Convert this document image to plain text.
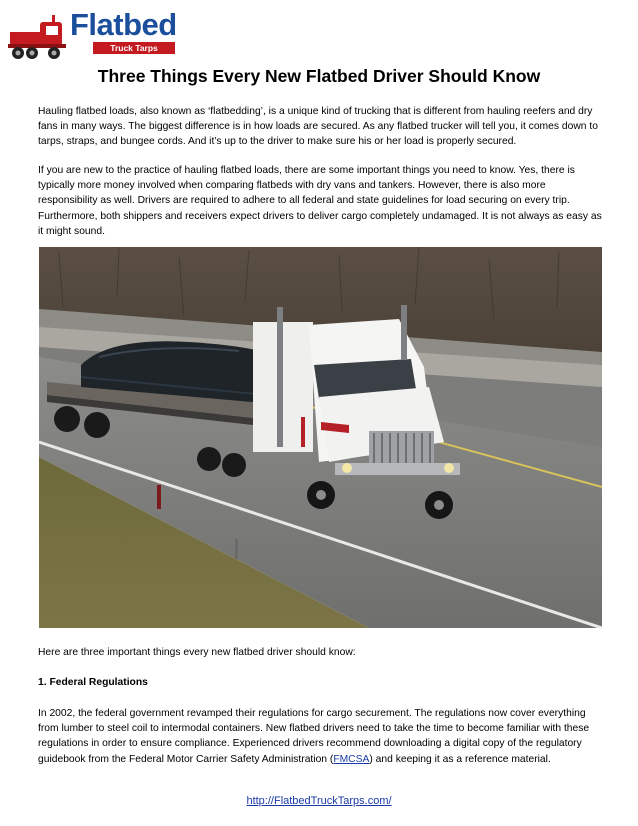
Flatbed
Truck Tarps
Three Things Every New Flatbed Driver Should Know

Hauling flatbed loads, also known as ‘flatbedding’, is a unique kind of trucking that is different from hauling reefers and dry fans in many ways. The biggest difference is in how loads are secured. As any flatbed trucker will tell you, it comes down to tarps, straps, and bungee cords. And it’s up to the driver to make sure his or her load is properly secured.

If you are new to the practice of hauling flatbed loads, there are some important things you need to know. Yes, there is typically more money involved when comparing flatbeds with dry vans and tankers. However, there is also more responsibility as well. Drivers are required to adhere to all federal and state guidelines for load securing on every trip. Furthermore, both shippers and receivers expect drivers to deliver cargo completely undamaged. It is not always as easy as it might sound.

Here are three important things every new flatbed driver should know:

1. Federal Regulations

In 2002, the federal government revamped their regulations for cargo securement. The regulations now cover everything from lumber to steel coil to intermodal containers. New flatbed drivers need to take the time to become familiar with these regulations in order to ensure compliance. Experienced drivers recommend downloading a digital copy of the regulatory guidebook from the Federal Motor Carrier Safety Administration (FMCSA) and keeping it as a reference material.

http://FlatbedTruckTarps.com/
